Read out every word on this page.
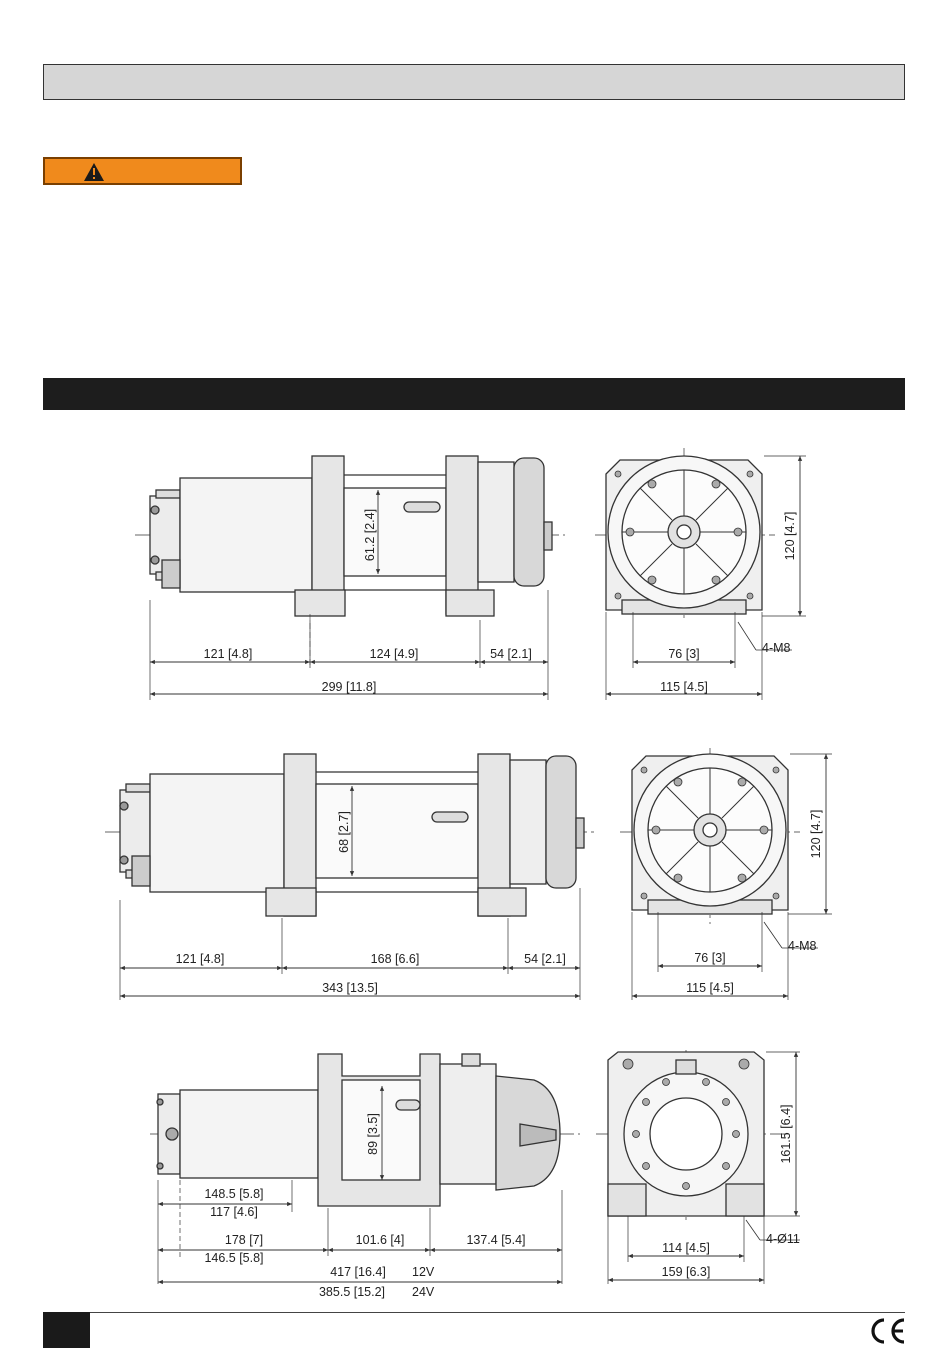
61.2 [2.4]
121 [4.8]	124 [4.9]	54 [2.1]
299 [11.8]
120 [4.7]
76 [3]
115 [4.5]
4-M8
68 [2.7]
121 [4.8]	168 [6.6]	54 [2.1]
343 [13.5]
120 [4.7]
76 [3]
115 [4.5]
4-M8
89 [3.5]
148.5 [5.8]
117 [4.6]
178 [7]
146.5 [5.8]
101.6 [4]	137.4 [5.4]
417 [16.4] 12V
385.5 [15.2] 24V
161.5 [6.4]
114 [4.5]
159 [6.3]
4-Ø11
